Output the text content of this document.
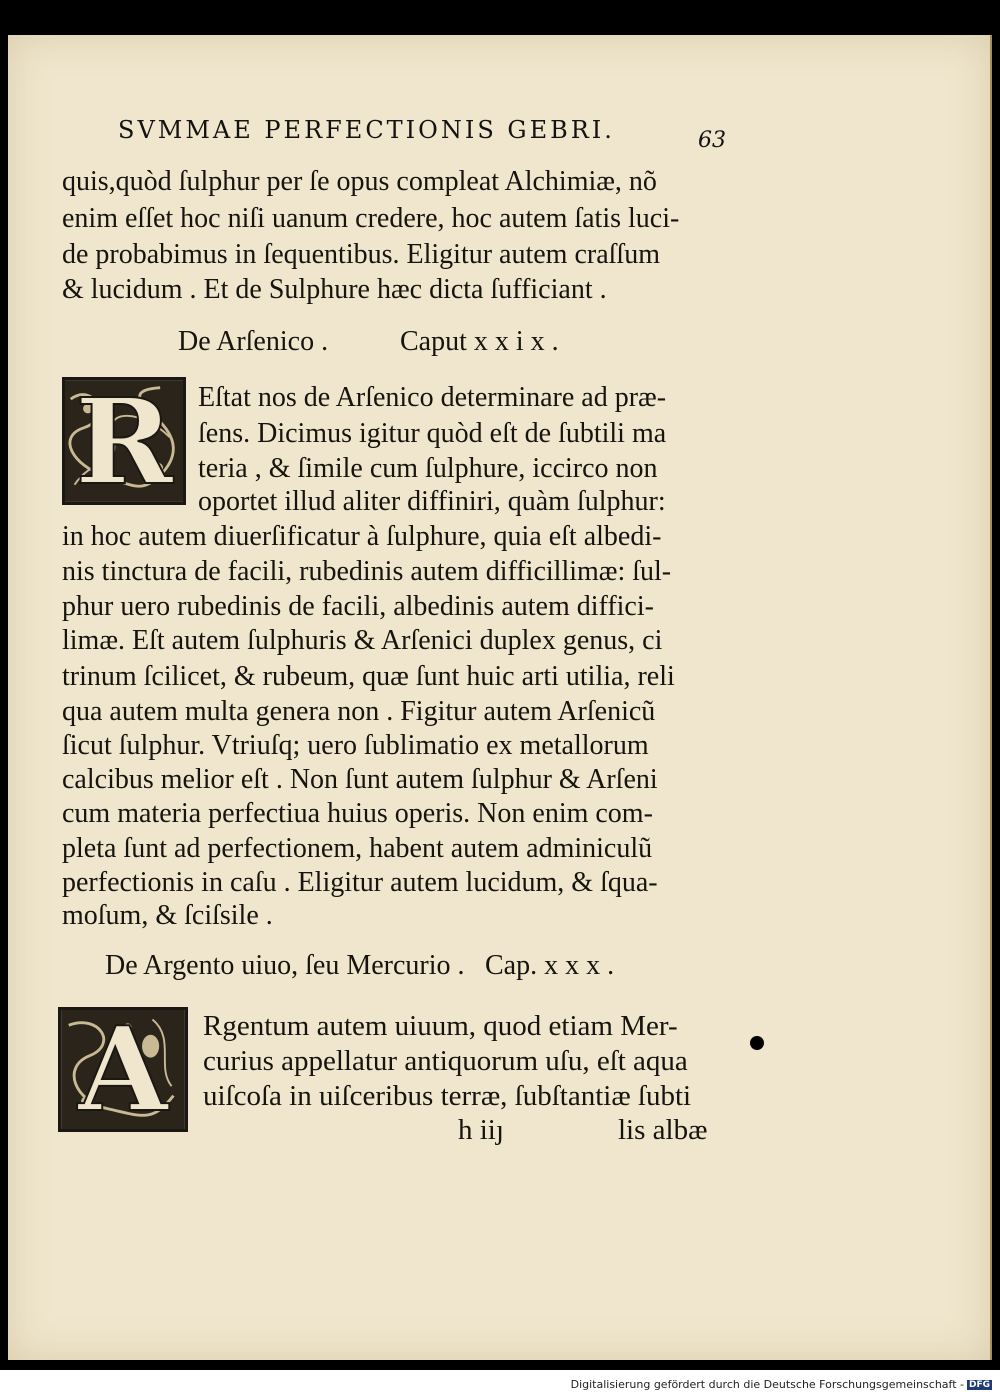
SVMMAE PERFECTIONIS GEBRI.	63
quis,quòd ſulphur per ſe opus compleat Alchimiæ, nõ
enim eſſet hoc niſi uanum credere, hoc autem ſatis luci-
de probabimus in ſequentibus. Eligitur autem craſſum
& lucidum . Et de Sulphure hæc dicta ſufficiant .
De Arſenico .	Caput x x i x .
R Eſtat nos de Arſenico determinare ad præ-
ſens. Dicimus igitur quòd eſt de ſubtili ma
teria , & ſimile cum ſulphure, iccirco non
oportet illud aliter diffiniri, quàm ſulphur:
in hoc autem diuerſificatur à ſulphure, quia eſt albedi-
nis tinctura de facili, rubedinis autem difficillimæ: ſul-
phur uero rubedinis de facili, albedinis autem diffici-
limæ. Eſt autem ſulphuris & Arſenici duplex genus, ci
trinum ſcilicet, & rubeum, quæ ſunt huic arti utilia, reli
qua autem multa genera non . Figitur autem Arſenicũ
ſicut ſulphur. Vtriuſq; uero ſublimatio ex metallorum
calcibus melior eſt . Non ſunt autem ſulphur & Arſeni
cum materia perfectiua huius operis. Non enim com-
pleta ſunt ad perfectionem, habent autem adminiculũ
perfectionis in caſu . Eligitur autem lucidum, & ſqua-
moſum, & ſciſsile .
De Argento uiuo, ſeu Mercurio . Cap. x x x .
A	Rgentum autem uiuum, quod etiam Mer-
curius appellatur antiquorum uſu, eſt aqua
uiſcoſa in uiſceribus terræ, ſubſtantiæ ſubti
h iiȷ	lis albæ
Digitalisierung gefördert durch die Deutsche Forschungsgemeinschaft - DFG
